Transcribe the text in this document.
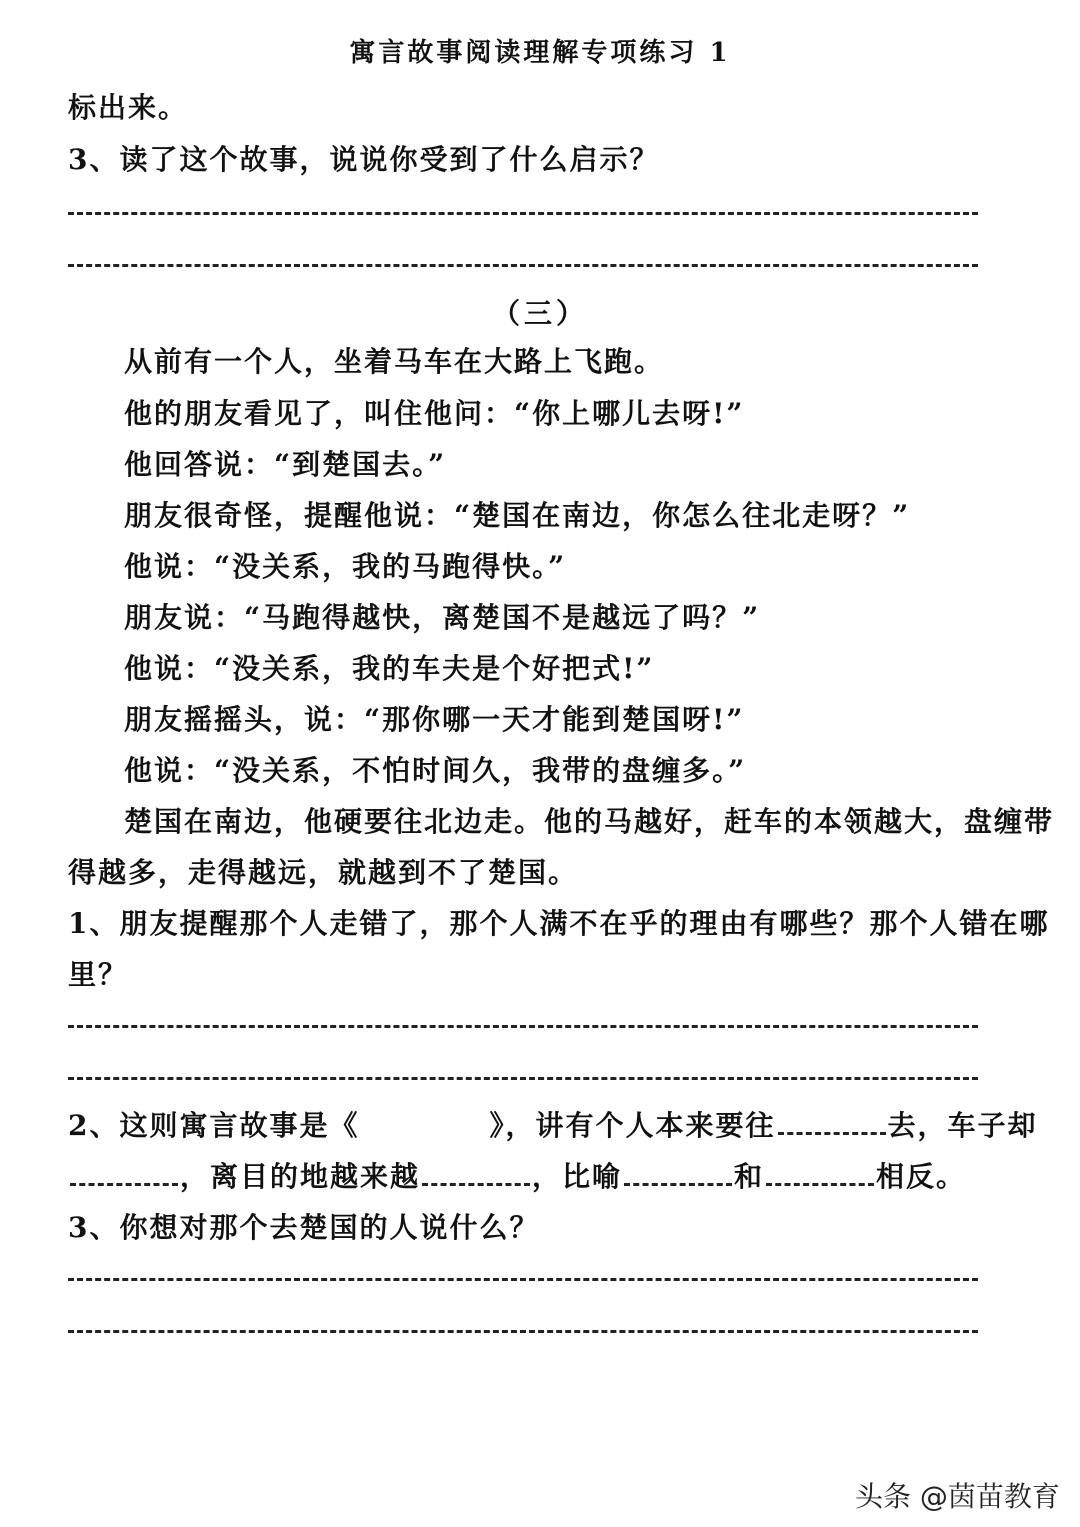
寓言故事阅读理解专项练习 1
标出来。
3、读了这个故事，说说你受到了什么启示？
（三）
从前有一个人，坐着马车在大路上飞跑。
他的朋友看见了，叫住他问：“你上哪儿去呀!”
他回答说：“到楚国去。”
朋友很奇怪，提醒他说：“楚国在南边，你怎么往北走呀？”
他说：“没关系，我的马跑得快。”
朋友说：“马跑得越快，离楚国不是越远了吗？”
他说：“没关系，我的车夫是个好把式!”
朋友摇摇头，说：“那你哪一天才能到楚国呀!”
他说：“没关系，不怕时间久，我带的盘缠多。”
楚国在南边，他硬要往北边走。他的马越好，赶车的本领越大，盘缠带
得越多，走得越远，就越到不了楚国。
1、朋友提醒那个人走错了，那个人满不在乎的理由有哪些？那个人错在哪
里？
2、这则寓言故事是《	》，讲有个人本来要往	去，车子却
，离目的地越来越	，比喻	和	相反。
3、你想对那个去楚国的人说什么？
头条 @茵苗教育
